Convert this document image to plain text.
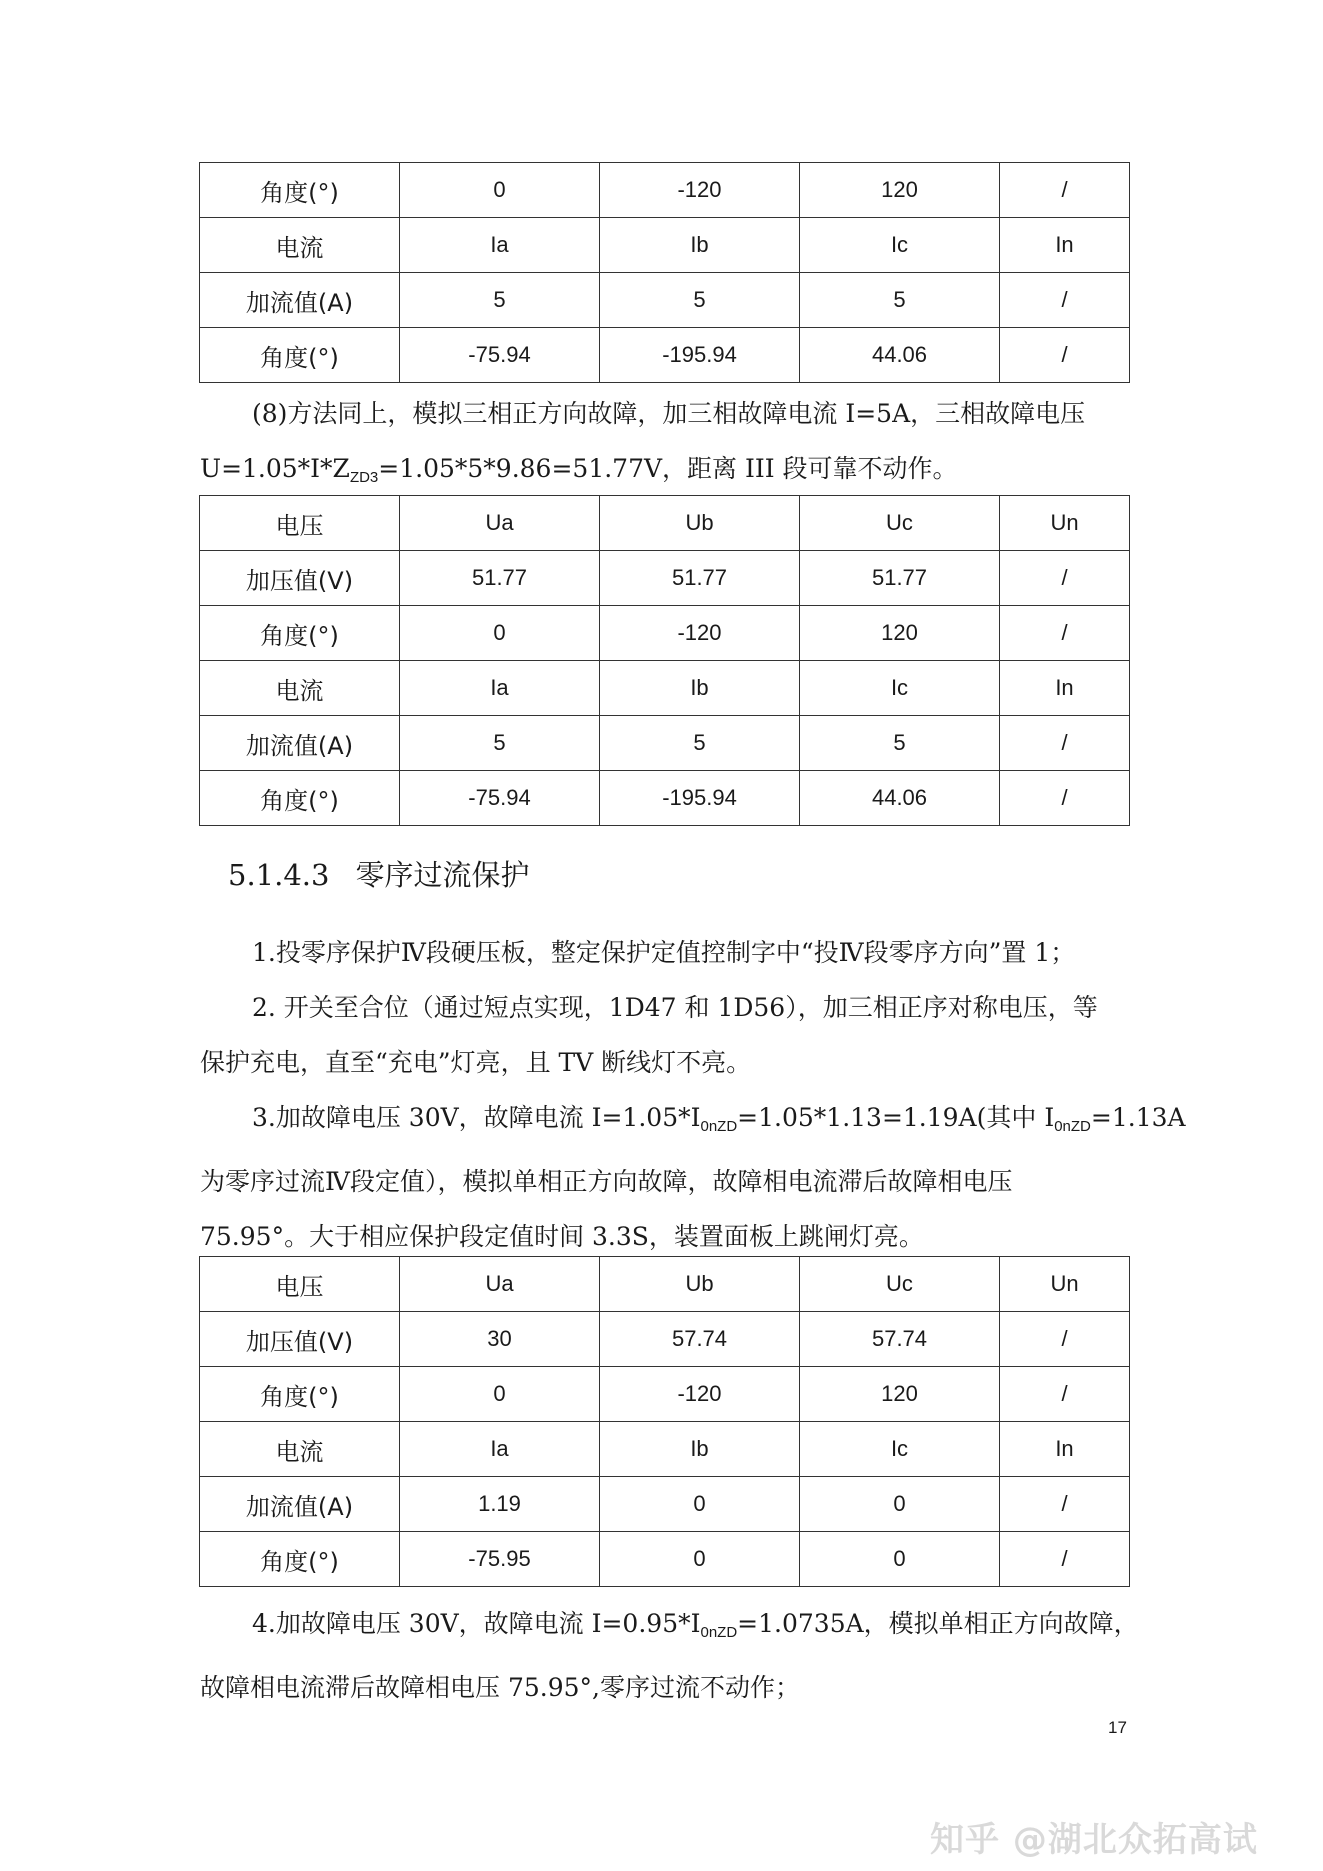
角度(°)	0	-120	120	/
电流	Ia	Ib	Ic	In
加流值(A)	5	5	5	/
角度(°)	-75.94	-195.94	44.06	/
(8)方法同上，模拟三相正方向故障，加三相故障电流 I=5A，三相故障电压
$U=1.05*I*Z_{ZD3}=1.05*5*9.86=51.77V$，距离 III 段可靠不动作。
电压	Ua	Ub	Uc	Un
加压值(V)	51.77	51.77	51.77	/
角度(°)	0	-120	120	/
电流	Ia	Ib	Ic	In
加流值(A)	5	5	5	/
角度(°)	-75.94	-195.94	44.06	/
5.1.4.3 零序过流保护
1.投零序保护Ⅳ段硬压板，整定保护定值控制字中“投Ⅳ段零序方向”置 1；
2. 开关至合位（通过短点实现，1D47 和 1D56），加三相正序对称电压，等
保护充电，直至“充电”灯亮，且 TV 断线灯不亮。
3.加故障电压 30V，故障电流 $I=1.05*I_{0nZD}=1.05*1.13=1.19A$(其中 $I_{0nZD}=1.13A$
为零序过流Ⅳ段定值），模拟单相正方向故障，故障相电流滞后故障相电压
75.95°。大于相应保护段定值时间 3.3S，装置面板上跳闸灯亮。
电压	Ua	Ub	Uc	Un
加压值(V)	30	57.74	57.74	/
角度(°)	0	-120	120	/
电流	Ia	Ib	Ic	In
加流值(A)	1.19	0	0	/
角度(°)	-75.95	0	0	/
4.加故障电压 30V，故障电流 $I=0.95*I_{0nZD}=1.0735A$，模拟单相正方向故障，
故障相电流滞后故障相电压 75.95°,零序过流不动作；
17
知乎 @湖北众拓高试
